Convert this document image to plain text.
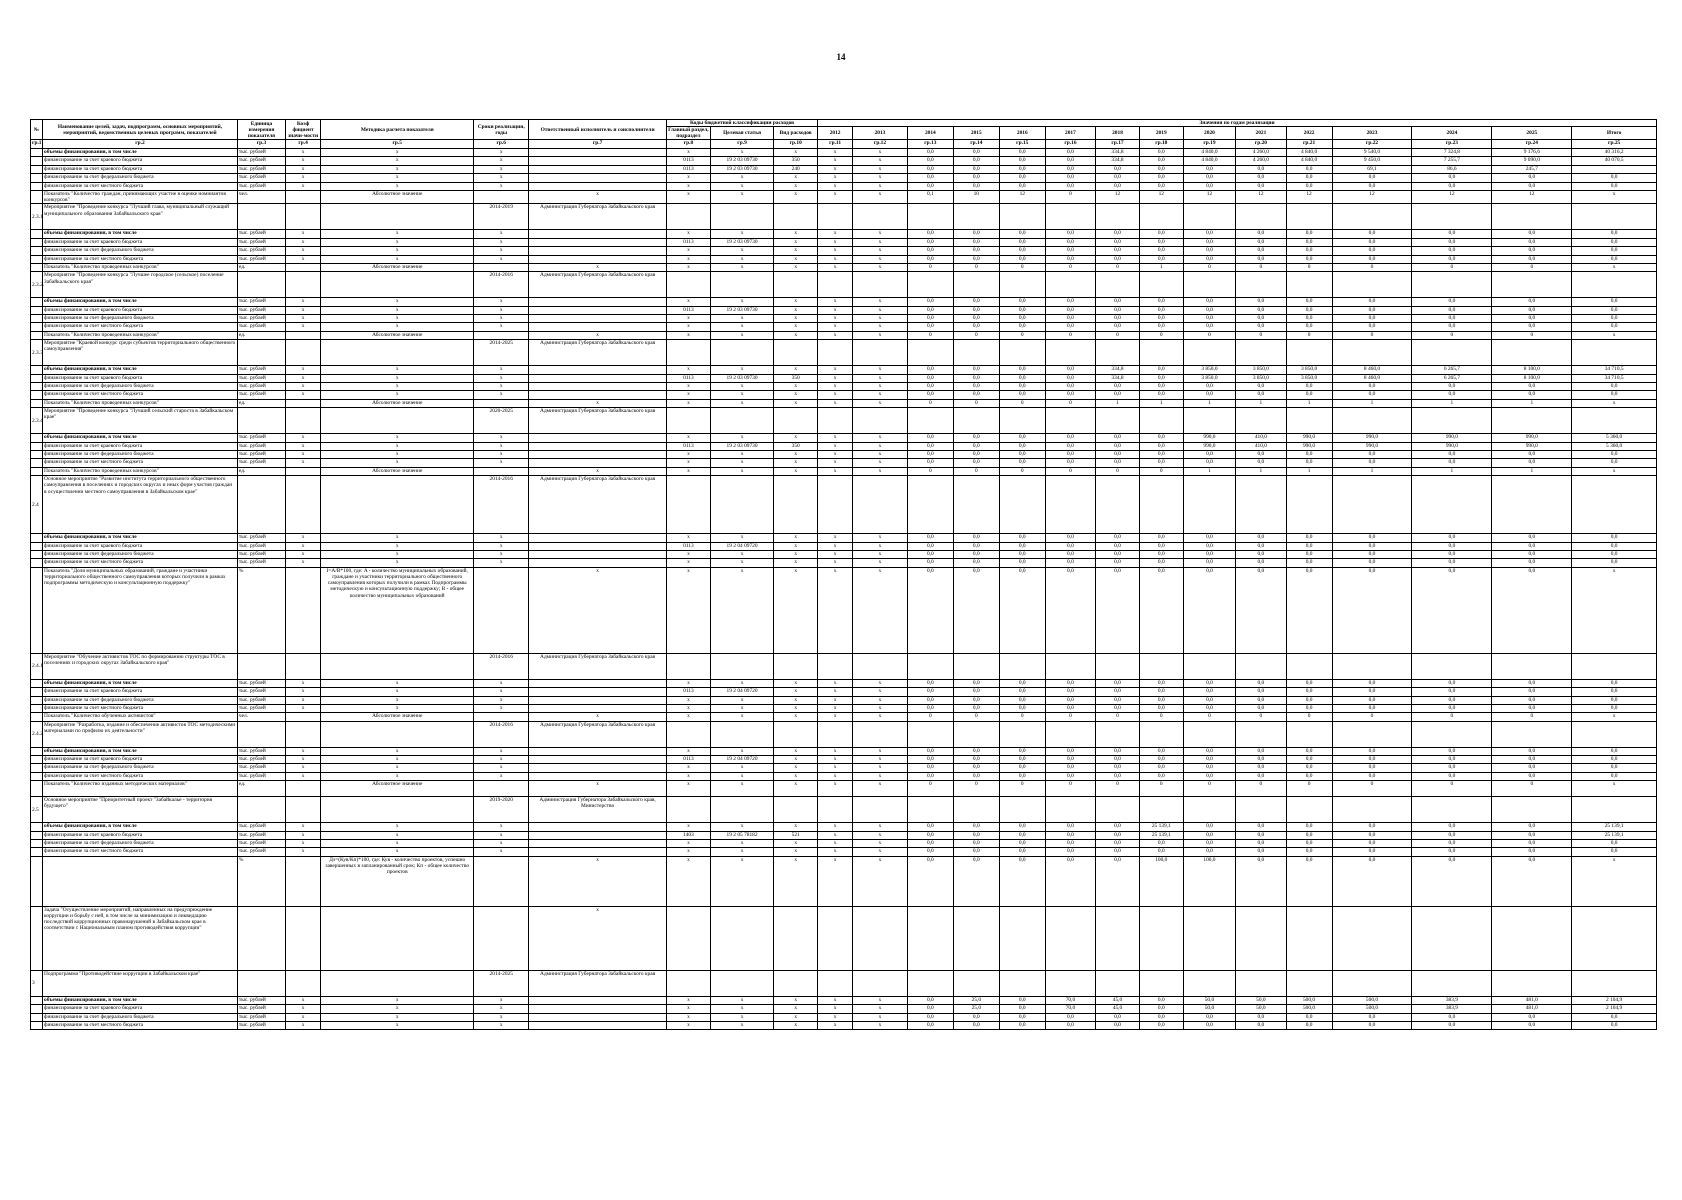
14
№	Наименование целей, задач, подпрограмм, основных мероприятий, мероприятий, ведомственных целевых программ, показателей	Единица измерения показателя	Коэф фициент значи-мости	Методика расчета показателя	Сроки реализации, годы	Ответственный исполнитель и соисполнители	Коды бюджетной классификации расходов			Значения по годам реализации														
							Главный раздел, подраздел	Целевая статья	Вид расходов	2012	2013	2014	2015	2016	2017	2018	2019	2020	2021	2022	2023	2024	2025	Итого
гр.1	гр.2	гр.3	гр.4	гр.5	гр.6	гр.7	гр.8	гр.9	гр.10	гр.11	гр.12	гр.13	гр.14	гр.15	гр.16	гр.17	гр.18	гр.19	гр.20	гр.21	гр.22	гр.23	гр.24	гр.25
	объемы финансирования, в том числе	тыс. рублей	x	x	x		x	x	x	x	x	0,0	0,0	0,0	0,0	334,8	0,0	4 840,0	4 260,0	4 840,0	9 540,0	7 324,8	9 176,6	40 316,2
	финансирование за счет краевого бюджета	тыс. рублей	x	x	x		0113	19 2 03 09730	350	x	x	0,0	0,0	0,0	0,0	334,8	0,0	4 840,0	4 260,0	4 840,0	9 450,0	7 255,7	9 090,0	40 070,5
	финансирование за счет краевого бюджета	тыс. рублей	x	x	x		0113	19 2 03 09730	240	x	x	0,0	0,0	0,0	0,0	0,0	0,0	0,0	0,0	0,0	69,1	86,6	245,7	
	финансирование за счет федерального бюджета	тыс. рублей	x	x	x		x	x	x	x	x	0,0	0,0	0,0	0,0	0,0	0,0	0,0	0,0	0,0	0,0	0,0	0,0	0,0
	финансирование за счет местного бюджета	тыс. рублей	x	x	x		x	x	x	x	x	0,0	0,0	0,0	0,0	0,0	0,0	0,0	0,0	0,0	0,0	0,0	0,0	0,0
	Показатель "Количество граждан, принимающих участие в оценке номинантов конкурсов"	чел.		Абсолютное значение		x	x	x	x	x	x	0,1	10	12	0	12	12	12	12	12	12	12	12	x
2.3.1	Мероприятие "Проведение конкурса "Лучший глава, муниципальный служащий муниципального образования Забайкальского края"				2014-2019	Администрация Губернатора Забайкальского края																		
	объемы финансирования, в том числе	тыс. рублей	x	x	x		x	x	x	x	x	0,0	0,0	0,0	0,0	0,0	0,0	0,0	0,0	0,0	0,0	0,0	0,0	0,0
	финансирование за счет краевого бюджета	тыс. рублей	x	x	x		0113	19 2 03 09730	x	x	x	0,0	0,0	0,0	0,0	0,0	0,0	0,0	0,0	0,0	0,0	0,0	0,0	0,0
	финансирование за счет федерального бюджета	тыс. рублей	x	x	x		x	x	x	x	x	0,0	0,0	0,0	0,0	0,0	0,0	0,0	0,0	0,0	0,0	0,0	0,0	0,0
	финансирование за счет местного бюджета	тыс. рублей	x	x	x		x	x	x	x	x	0,0	0,0	0,0	0,0	0,0	0,0	0,0	0,0	0,0	0,0	0,0	0,0	0,0
	Показатель "Количество проведенных конкурсов"	ед.		Абсолютное значение		x	x	x	x	x	x	0	0	0	0	0	1	0	0	0	0	0	0	x
2.3.2.	Мероприятие "Проведение конкурса "Лучшее городское (сельское) поселение Забайкальского края"				2014-2016	Администрация Губернатора Забайкальского края																		
	объемы финансирования, в том числе	тыс. рублей	x	x	x		x	x	x	x	x	0,0	0,0	0,0	0,0	0,0	0,0	0,0	0,0	0,0	0,0	0,0	0,0	0,0
	финансирование за счет краевого бюджета	тыс. рублей	x	x	x		0113	19 2 03 09730	x	x	x	0,0	0,0	0,0	0,0	0,0	0,0	0,0	0,0	0,0	0,0	0,0	0,0	0,0
	финансирование за счет федерального бюджета	тыс. рублей	x	x	x		x	x	x	x	x	0,0	0,0	0,0	0,0	0,0	0,0	0,0	0,0	0,0	0,0	0,0	0,0	0,0
	финансирование за счет местного бюджета	тыс. рублей	x	x	x		x	x	x	x	x	0,0	0,0	0,0	0,0	0,0	0,0	0,0	0,0	0,0	0,0	0,0	0,0	0,0
	Показатель "Количество проведенных конкурсов"	ед.		Абсолютное значение		x	x	x	x	x	x	0	0	0	0	0	0	0	0	0	0	0	0	x
2.3.3	Мероприятие "Краевой конкурс среди субъектов территориального общественного самоуправления"				2014-2025	Администрация Губернатора Забайкальского края																		
	объемы финансирования, в том числе	тыс. рублей	x	x	x		x	x	x	x	x	0,0	0,0	0,0	0,0	334,8	0,0	3 850,0	3 850,0	3 850,0	8 460,0	6 265,7	8 100,0	34 710,5
	финансирование за счет краевого бюджета	тыс. рублей	x	x	x		0113	19 2 03 09730	350	x	x	0,0	0,0	0,0	0,0	334,8	0,0	3 850,0	3 850,0	3 850,0	8 460,0	6 265,7	8 100,0	34 710,5
	финансирование за счет федерального бюджета	тыс. рублей	x	x	x		x	x	x	x	x	0,0	0,0	0,0	0,0	0,0	0,0	0,0	0,0	0,0	0,0	0,0	0,0	0,0
	финансирование за счет местного бюджета	тыс. рублей	x	x	x		x	x	x	x	x	0,0	0,0	0,0	0,0	0,0	0,0	0,0	0,0	0,0	0,0	0,0	0,0	0,0
	Показатель "Количество проведенных конкурсов"	ед.		Абсолютное значение		x	x	x	x	x	x	0	0	0	0	1	1	1	1	1	1	1	1	x
2.3.4	Мероприятие "Проведение конкурса "Лучший сельский староста в Забайкальском крае"				2020-2025	Администрация Губернатора Забайкальского края																		
	объемы финансирования, в том числе	тыс. рублей	x	x	x		x	x	x	x	x	0,0	0,0	0,0	0,0	0,0	0,0	990,0	410,0	990,0	990,0	990,0	990,0	5 360,0
	финансирование за счет краевого бюджета	тыс. рублей	x	x	x		0113	19 2 03 09730	350	x	x	0,0	0,0	0,0	0,0	0,0	0,0	990,0	410,0	990,0	990,0	990,0	990,0	5 360,0
	финансирование за счет федерального бюджета	тыс. рублей	x	x	x		x	x	x	x	x	0,0	0,0	0,0	0,0	0,0	0,0	0,0	0,0	0,0	0,0	0,0	0,0	0,0
	финансирование за счет местного бюджета	тыс. рублей	x	x	x		x	x	x	x	x	0,0	0,0	0,0	0,0	0,0	0,0	0,0	0,0	0,0	0,0	0,0	0,0	0,0
	Показатель "Количество проведенных конкурсов"	ед.		Абсолютное значение		x	x	x	x	x	x	0	0	0	0	0	0	1	1	1	1	1	1	x
2.4	Основное мероприятие "Развитие института территориального общественного самоуправления в поселениях и городских округах и иных форм участия граждан в осуществлении местного самоуправления в Забайкальском крае"				2014-2016	Администрация Губернатора Забайкальского края																		
	объемы финансирования, в том числе	тыс. рублей	x	x	x		x	x	x	x	x	0,0	0,0	0,0	0,0	0,0	0,0	0,0	0,0	0,0	0,0	0,0	0,0	0,0
	финансирование за счет краевого бюджета	тыс. рублей	x	x	x		0113	19 2 04 09720	x	x	x	0,0	0,0	0,0	0,0	0,0	0,0	0,0	0,0	0,0	0,0	0,0	0,0	0,0
	финансирование за счет федерального бюджета	тыс. рублей	x	x	x		x	x	x	x	x	0,0	0,0	0,0	0,0	0,0	0,0	0,0	0,0	0,0	0,0	0,0	0,0	0,0
	финансирование за счет местного бюджета	тыс. рублей	x	x	x		x	x	x	x	x	0,0	0,0	0,0	0,0	0,0	0,0	0,0	0,0	0,0	0,0	0,0	0,0	0,0
	Показатель "Доля муниципальных образований, граждане и участники территориального общественного самоуправления которых получили в рамках подпрограммы методическую и консультационную поддержку"	%		I=A/B*100, где: A - количество муниципальных образований, граждане и участники территориального общественного самоуправления которых получили в рамках Подпрограммы методическую и консультационную поддержку; B - общее количество муниципальных образований		x	x	x	x	x	x	0,0	0,0	0,0	0,0	0,0	0,0	0,0	0,0	0,0	0,0	0,0	0,0	x
2.4.1	Мероприятие "Обучение активистов ТОС по формированию структуры ТОС в поселениях и городских округах Забайкальского края"				2014-2016	Администрация Губернатора Забайкальского края																		
	объемы финансирования, в том числе	тыс. рублей	x	x	x		x	x	x	x	x	0,0	0,0	0,0	0,0	0,0	0,0	0,0	0,0	0,0	0,0	0,0	0,0	0,0
	финансирование за счет краевого бюджета	тыс. рублей	x	x	x		0113	19 2 04 09720	x	x	x	0,0	0,0	0,0	0,0	0,0	0,0	0,0	0,0	0,0	0,0	0,0	0,0	0,0
	финансирование за счет федерального бюджета	тыс. рублей	x	x	x		x	x	x	x	x	0,0	0,0	0,0	0,0	0,0	0,0	0,0	0,0	0,0	0,0	0,0	0,0	0,0
	финансирование за счет местного бюджета	тыс. рублей	x	x	x		x	x	x	x	x	0,0	0,0	0,0	0,0	0,0	0,0	0,0	0,0	0,0	0,0	0,0	0,0	0,0
	Показатель "Количество обученных активистов"	чел.		Абсолютное значение		x	x	x	x	x	x	0	0	0	0	0	0	0	0	0	0	0	0	x
2.4.2	Мероприятие "Разработка, издание и обеспечение активистов ТОС методическими материалами по профилю их деятельности"				2014-2016	Администрация Губернатора Забайкальского края																		
	объемы финансирования, в том числе	тыс. рублей	x	x	x		x	x	x	x	x	0,0	0,0	0,0	0,0	0,0	0,0	0,0	0,0	0,0	0,0	0,0	0,0	0,0
	финансирование за счет краевого бюджета	тыс. рублей	x	x	x		0113	19 2 04 09720	x	x	x	0,0	0,0	0,0	0,0	0,0	0,0	0,0	0,0	0,0	0,0	0,0	0,0	0,0
	финансирование за счет федерального бюджета	тыс. рублей	x	x	x		x	x	x	x	x	0,0	0,0	0,0	0,0	0,0	0,0	0,0	0,0	0,0	0,0	0,0	0,0	0,0
	финансирование за счет местного бюджета	тыс. рублей	x	x	x		x	x	x	x	x	0,0	0,0	0,0	0,0	0,0	0,0	0,0	0,0	0,0	0,0	0,0	0,0	0,0
	Показатель "Количество изданных методических материалов"	ед.		Абсолютное значение		x	x	x	x	x	x	0	0	0	0	0	0	0	0	0	0	0	0	x
2.5	Основное мероприятие "Приоритетный проект "Забайкалье - территория будущего"				2019-2020	Администрация Губернатора Забайкальского края, Министерство																		
	объемы финансирования, в том числе	тыс. рублей	x	x	x		x	x	x	x	x	0,0	0,0	0,0	0,0	0,0	25 139,1	0,0	0,0	0,0	0,0	0,0	0,0	25 139,1
	финансирование за счет краевого бюджета	тыс. рублей	x	x	x		1403	19 2 05 78182	521	x	x	0,0	0,0	0,0	0,0	0,0	25 139,1	0,0	0,0	0,0	0,0	0,0	0,0	25 139,1
	финансирование за счет федерального бюджета	тыс. рублей	x	x	x		x	x	x	x	x	0,0	0,0	0,0	0,0	0,0	0,0	0,0	0,0	0,0	0,0	0,0	0,0	0,0
	финансирование за счет местного бюджета	тыс. рублей	x	x	x		x	x	x	x	x	0,0	0,0	0,0	0,0	0,0	0,0	0,0	0,0	0,0	0,0	0,0	0,0	0,0
		%		Дз=(Кув/Кп)*100, где: Кув - количество проектов, успешно завершенных в запланированный срок; Кп - общее количество проектов		x	x	x	x	x	x	0,0	0,0	0,0	0,0	0,0	100,0	100,0	0,0	0,0	0,0	0,0	0,0	x
	Задача "Осуществление мероприятий, направленных на предупреждение коррупции и борьбу с ней, в том числе за минимизацию и ликвидацию последствий коррупционных правонарушений в Забайкальском крае в соответствии с Национальным планом противодействия коррупции"					x																		
3	Подпрограмма "Противодействие коррупции в Забайкальском крае"				2014-2025	Администрация Губернатора Забайкальского края																		
	объемы финансирования, в том числе	тыс. рублей	x	x	x		x	x	x	x	x	0,0	25,0	0,0	70,0	45,0	0,0	50,0	50,0	500,0	500,0	383,9	481,0	2 104,9
	финансирование за счет краевого бюджета	тыс. рублей	x	x	x		x	x	x	x	x	0,0	25,0	0,0	70,0	45,0	0,0	50,0	50,0	500,0	500,0	383,9	481,0	2 104,9
	финансирование за счет федерального бюджета	тыс. рублей	x	x	x		x	x	x	x	x	0,0	0,0	0,0	0,0	0,0	0,0	0,0	0,0	0,0	0,0	0,0	0,0	0,0
	финансирование за счет местного бюджета	тыс. рублей	x	x	x		x	x	x	x	x	0,0	0,0	0,0	0,0	0,0	0,0	0,0	0,0	0,0	0,0	0,0	0,0	0,0
